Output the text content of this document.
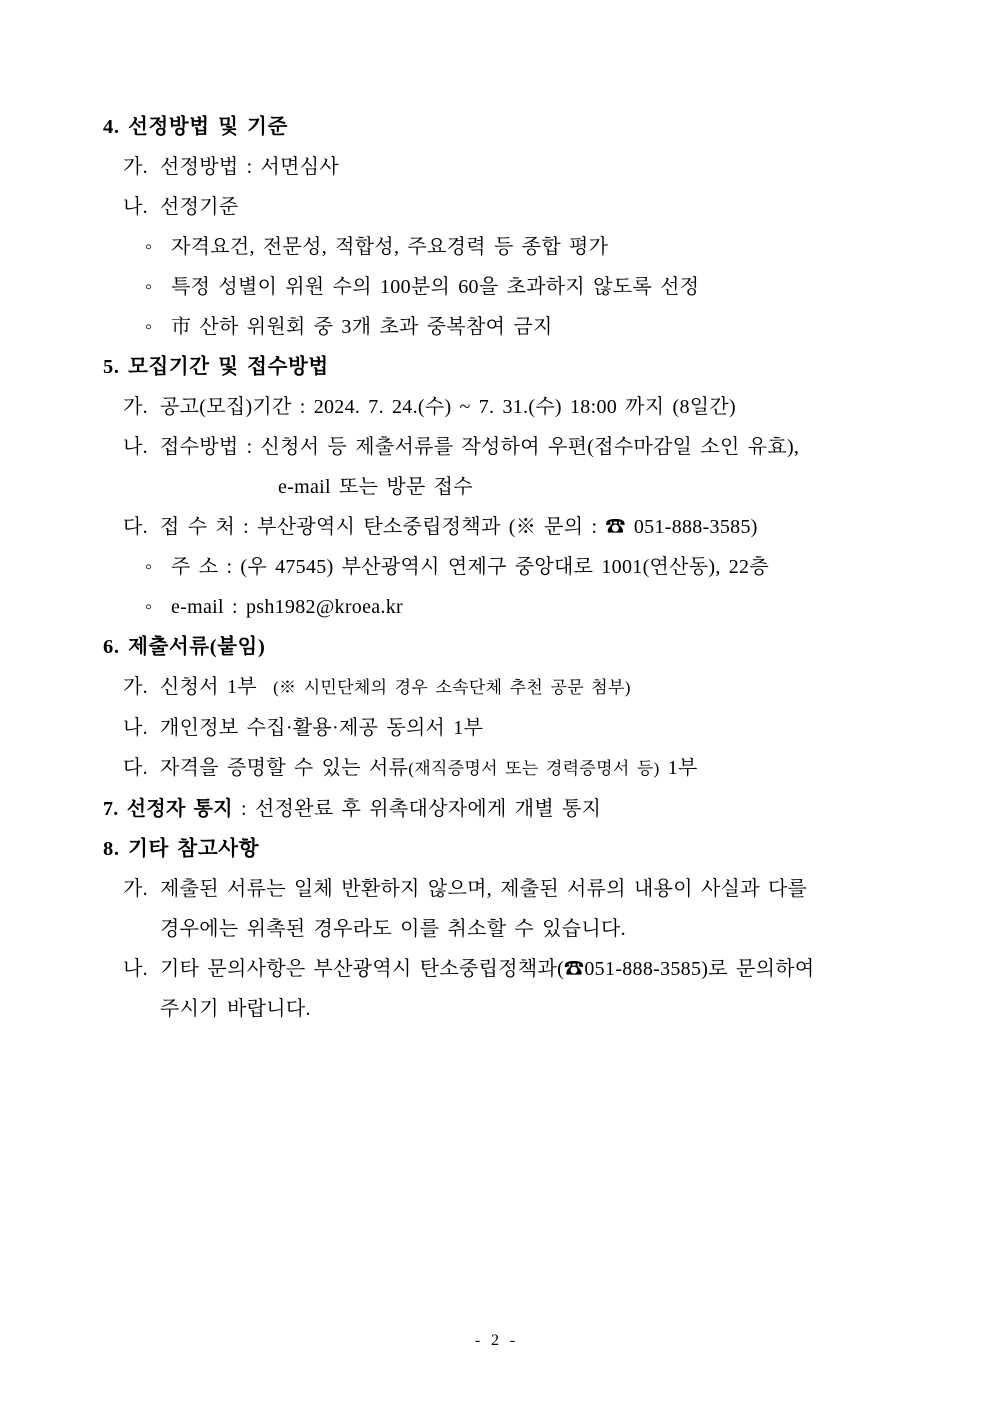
4. 선정방법 및 기준
가. 선정방법 : 서면심사
나. 선정기준
◦ 자격요건, 전문성, 적합성, 주요경력 등 종합 평가
◦ 특정 성별이 위원 수의 100분의 60을 초과하지 않도록 선정
◦ 市 산하 위원회 중 3개 초과 중복참여 금지
5. 모집기간 및 접수방법
가. 공고(모집)기간 : 2024. 7. 24.(수) ~ 7. 31.(수) 18:00 까지 (8일간)
나. 접수방법 : 신청서 등 제출서류를 작성하여 우편(접수마감일 소인 유효),
e-mail 또는 방문 접수
다. 접 수 처 : 부산광역시 탄소중립정책과 (※ 문의 : ☎ 051-888-3585)
◦ 주 소 : (우 47545) 부산광역시 연제구 중앙대로 1001(연산동), 22층
◦ e-mail : psh1982@kroea.kr
6. 제출서류(붙임)
가. 신청서 1부  (※ 시민단체의 경우 소속단체 추천 공문 첨부)
나. 개인정보 수집·활용·제공 동의서 1부
다. 자격을 증명할 수 있는 서류(재직증명서 또는 경력증명서 등) 1부
7. 선정자 통지 : 선정완료 후 위촉대상자에게 개별 통지
8. 기타 참고사항
가. 제출된 서류는 일체 반환하지 않으며, 제출된 서류의 내용이 사실과 다를
경우에는 위촉된 경우라도 이를 취소할 수 있습니다.
나. 기타 문의사항은 부산광역시 탄소중립정책과(☎051-888-3585)로 문의하여
주시기 바랍니다.
- 2 -
